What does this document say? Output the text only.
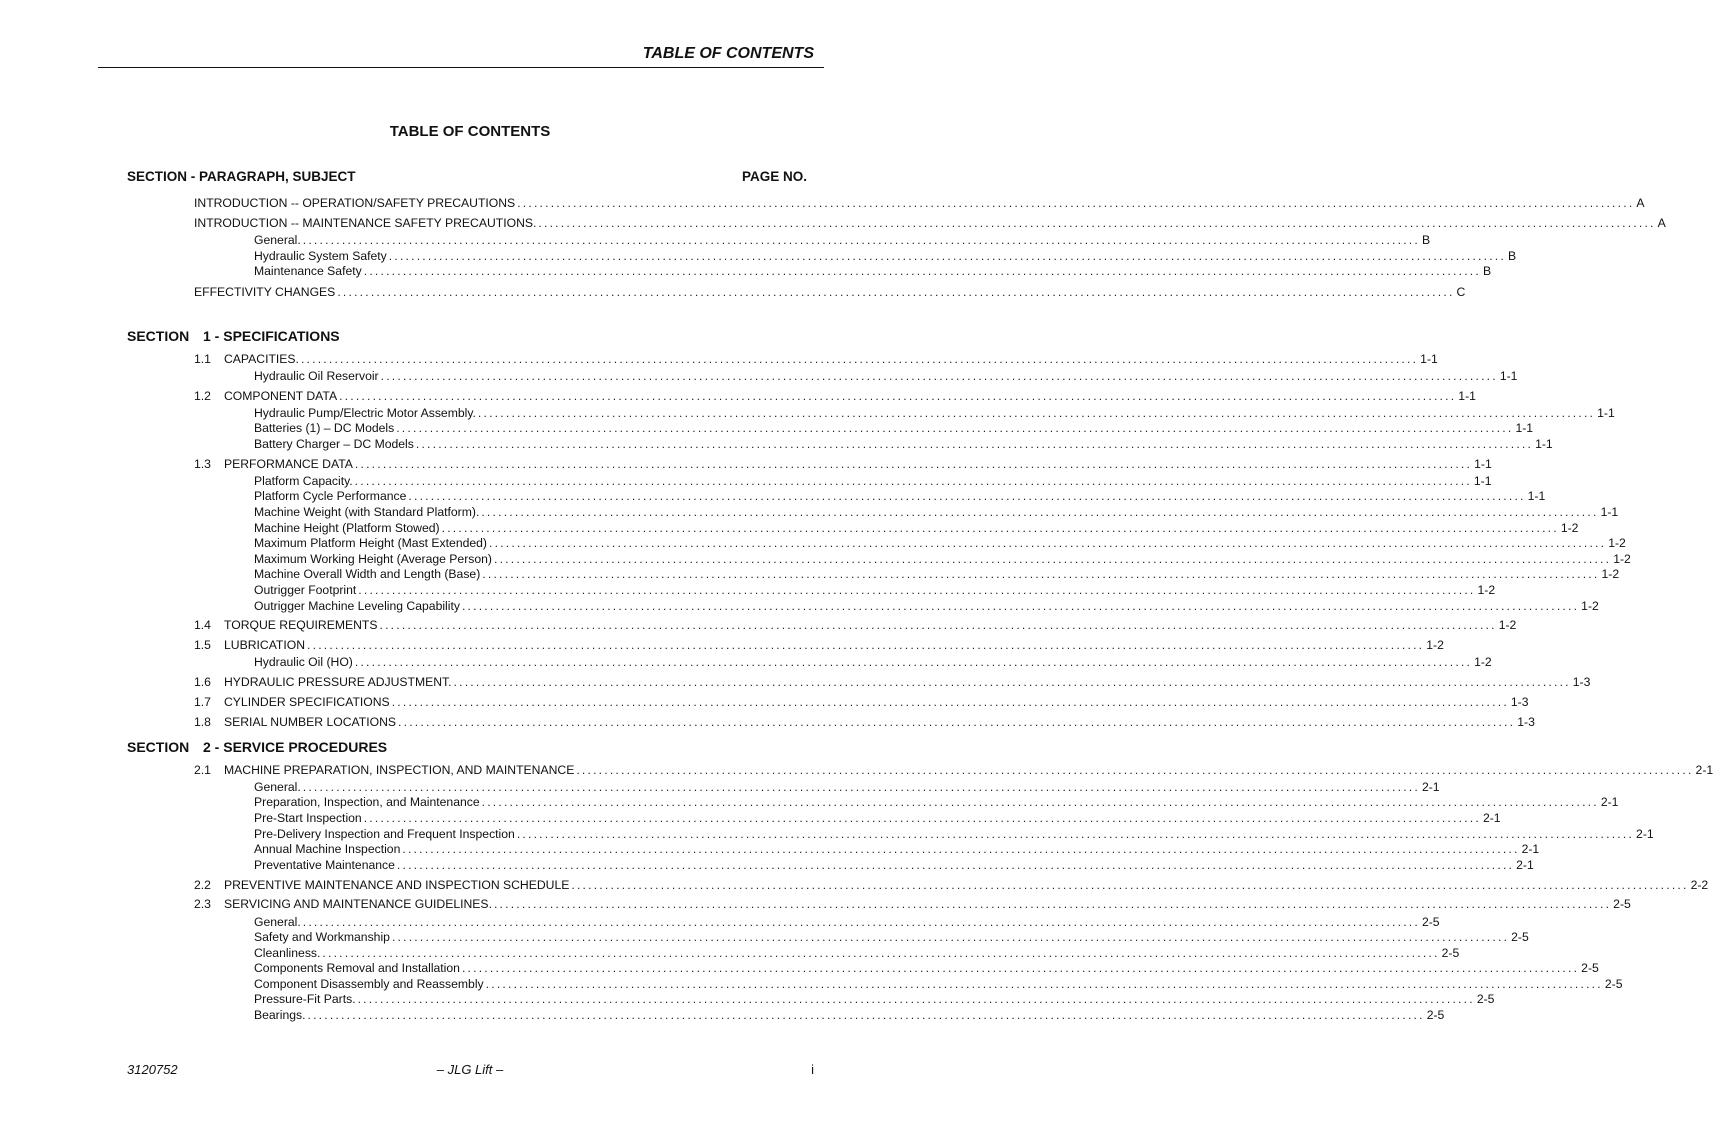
TABLE OF CONTENTS
TABLE OF CONTENTS
SECTION - PARAGRAPH, SUBJECT	PAGE NO.
INTRODUCTION -- OPERATION/SAFETY PRECAUTIONS ........................................................................................................................................................................................................ A
INTRODUCTION -- MAINTENANCE SAFETY PRECAUTIONS. ........................................................................................................................................................................................................ A
General. ........................................................................................................................................................................................................ B
Hydraulic System Safety ........................................................................................................................................................................................................ B
Maintenance Safety ........................................................................................................................................................................................................ B
EFFECTIVITY CHANGES ........................................................................................................................................................................................................ C
SECTION 1 - SPECIFICATIONS
1.1	CAPACITIES. ........................................................................................................................................................................................................ 1-1
Hydraulic Oil Reservoir ........................................................................................................................................................................................................ 1-1
1.2	COMPONENT DATA ........................................................................................................................................................................................................ 1-1
Hydraulic Pump/Electric Motor Assembly. ........................................................................................................................................................................................................ 1-1
Batteries (1) – DC Models ........................................................................................................................................................................................................ 1-1
Battery Charger – DC Models ........................................................................................................................................................................................................ 1-1
1.3	PERFORMANCE DATA ........................................................................................................................................................................................................ 1-1
Platform Capacity. ........................................................................................................................................................................................................ 1-1
Platform Cycle Performance ........................................................................................................................................................................................................ 1-1
Machine Weight (with Standard Platform). ........................................................................................................................................................................................................ 1-1
Machine Height (Platform Stowed) ........................................................................................................................................................................................................ 1-2
Maximum Platform Height (Mast Extended) ........................................................................................................................................................................................................ 1-2
Maximum Working Height (Average Person) ........................................................................................................................................................................................................ 1-2
Machine Overall Width and Length (Base) ........................................................................................................................................................................................................ 1-2
Outrigger Footprint ........................................................................................................................................................................................................ 1-2
Outrigger Machine Leveling Capability ........................................................................................................................................................................................................ 1-2
1.4	TORQUE REQUIREMENTS ........................................................................................................................................................................................................ 1-2
1.5	LUBRICATION ........................................................................................................................................................................................................ 1-2
Hydraulic Oil (HO) ........................................................................................................................................................................................................ 1-2
1.6	HYDRAULIC PRESSURE ADJUSTMENT. ........................................................................................................................................................................................................ 1-3
1.7	CYLINDER SPECIFICATIONS ........................................................................................................................................................................................................ 1-3
1.8	SERIAL NUMBER LOCATIONS ........................................................................................................................................................................................................ 1-3
SECTION 2 - SERVICE PROCEDURES
2.1	MACHINE PREPARATION, INSPECTION, AND MAINTENANCE ........................................................................................................................................................................................................ 2-1
General. ........................................................................................................................................................................................................ 2-1
Preparation, Inspection, and Maintenance ........................................................................................................................................................................................................ 2-1
Pre-Start Inspection ........................................................................................................................................................................................................ 2-1
Pre-Delivery Inspection and Frequent Inspection ........................................................................................................................................................................................................ 2-1
Annual Machine Inspection ........................................................................................................................................................................................................ 2-1
Preventative Maintenance ........................................................................................................................................................................................................ 2-1
2.2	PREVENTIVE MAINTENANCE AND INSPECTION SCHEDULE ........................................................................................................................................................................................................ 2-2
2.3	SERVICING AND MAINTENANCE GUIDELINES. ........................................................................................................................................................................................................ 2-5
General. ........................................................................................................................................................................................................ 2-5
Safety and Workmanship ........................................................................................................................................................................................................ 2-5
Cleanliness. ........................................................................................................................................................................................................ 2-5
Components Removal and Installation ........................................................................................................................................................................................................ 2-5
Component Disassembly and Reassembly ........................................................................................................................................................................................................ 2-5
Pressure-Fit Parts. ........................................................................................................................................................................................................ 2-5
Bearings. ........................................................................................................................................................................................................ 2-5
3120752	– JLG Lift –	i
